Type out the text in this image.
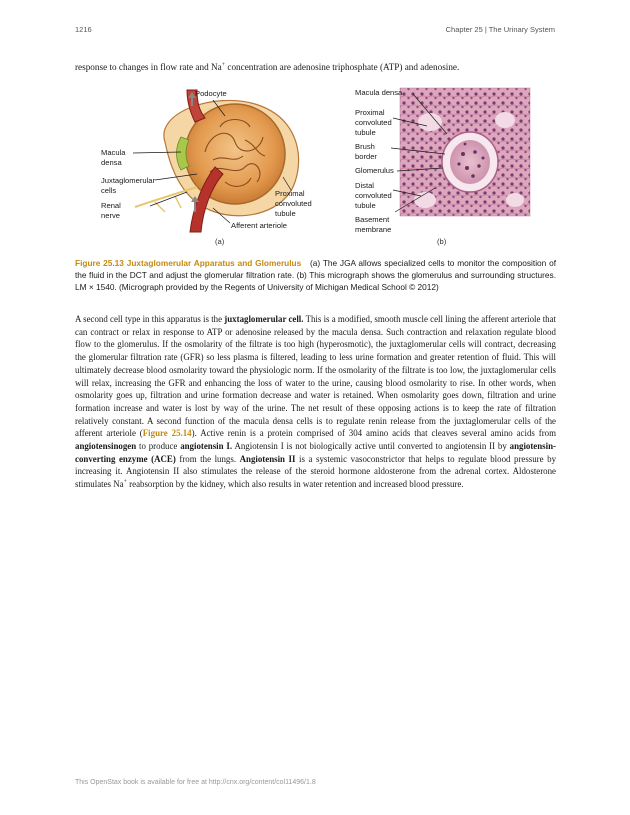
1216	Chapter 25 | The Urinary System

response to changes in flow rate and Na+ concentration are adenosine triphosphate (ATP) and adenosine.

Podocyte
Macula
densa
Juxtaglomerular
cells
Renal
nerve
Proximal
convoluted
tubule
Afferent arteriole
(a)
Macula densa
Proximal
convoluted
tubule
Brush
border
Glomerulus
Distal
convoluted
tubule
Basement
membrane
(b)

Figure 25.13 Juxtaglomerular Apparatus and Glomerulus (a) The JGA allows specialized cells to monitor the composition of the fluid in the DCT and adjust the glomerular filtration rate. (b) This micrograph shows the glomerulus and surrounding structures. LM × 1540. (Micrograph provided by the Regents of University of Michigan Medical School © 2012)

A second cell type in this apparatus is the juxtaglomerular cell. This is a modified, smooth muscle cell lining the afferent arteriole that can contract or relax in response to ATP or adenosine released by the macula densa. Such contraction and relaxation regulate blood flow to the glomerulus. If the osmolarity of the filtrate is too high (hyperosmotic), the juxtaglomerular cells will contract, decreasing the glomerular filtration rate (GFR) so less plasma is filtered, leading to less urine formation and greater retention of fluid. This will ultimately decrease blood osmolarity toward the physiologic norm. If the osmolarity of the filtrate is too low, the juxtaglomerular cells will relax, increasing the GFR and enhancing the loss of water to the urine, causing blood osmolarity to rise. In other words, when osmolarity goes up, filtration and urine formation decrease and water is retained. When osmolarity goes down, filtration and urine formation increase and water is lost by way of the urine. The net result of these opposing actions is to keep the rate of filtration relatively constant. A second function of the macula densa cells is to regulate renin release from the juxtaglomerular cells of the afferent arteriole (Figure 25.14). Active renin is a protein comprised of 304 amino acids that cleaves several amino acids from angiotensinogen to produce angiotensin I. Angiotensin I is not biologically active until converted to angiotensin II by angiotensin-converting enzyme (ACE) from the lungs. Angiotensin II is a systemic vasoconstrictor that helps to regulate blood pressure by increasing it. Angiotensin II also stimulates the release of the steroid hormone aldosterone from the adrenal cortex. Aldosterone stimulates Na+ reabsorption by the kidney, which also results in water retention and increased blood pressure.

This OpenStax book is available for free at http://cnx.org/content/col11496/1.8
